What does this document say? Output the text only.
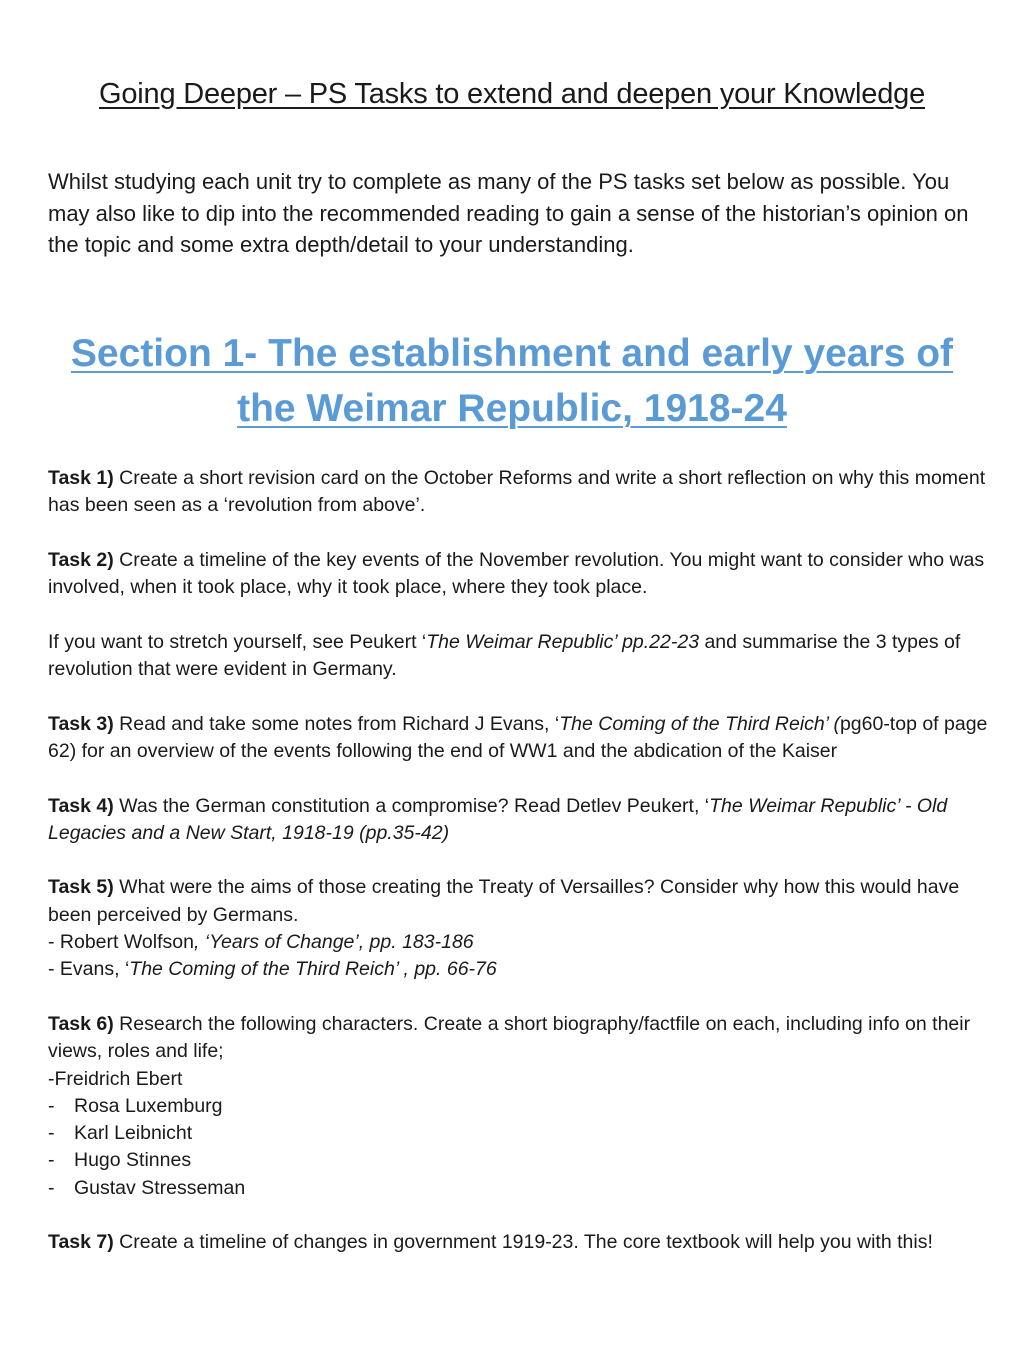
Going Deeper – PS Tasks to extend and deepen your Knowledge

Whilst studying each unit try to complete as many of the PS tasks set below as possible. You may also like to dip into the recommended reading to gain a sense of the historian’s opinion on the topic and some extra depth/detail to your understanding.

Section 1- The establishment and early years of
the Weimar Republic, 1918-24

Task 1) Create a short revision card on the October Reforms and write a short reflection on why this moment has been seen as a ‘revolution from above’.

Task 2) Create a timeline of the key events of the November revolution. You might want to consider who was involved, when it took place, why it took place, where they took place.

If you want to stretch yourself, see Peukert ‘The Weimar Republic’ pp.22-23 and summarise the 3 types of revolution that were evident in Germany.

Task 3) Read and take some notes from Richard J Evans, ‘The Coming of the Third Reich’ (pg60-top of page 62) for an overview of the events following the end of WW1 and the abdication of the Kaiser

Task 4) Was the German constitution a compromise? Read Detlev Peukert, ‘The Weimar Republic’ - Old Legacies and a New Start, 1918-19 (pp.35-42)

Task 5) What were the aims of those creating the Treaty of Versailles? Consider why how this would have been perceived by Germans.
- Robert Wolfson, ‘Years of Change’, pp. 183-186
- Evans, ‘The Coming of the Third Reich’ , pp. 66-76

Task 6) Research the following characters. Create a short biography/factfile on each, including info on their views, roles and life;
-Freidrich Ebert
- Rosa Luxemburg
- Karl Leibnicht
- Hugo Stinnes
- Gustav Stresseman

Task 7) Create a timeline of changes in government 1919-23. The core textbook will help you with this!
